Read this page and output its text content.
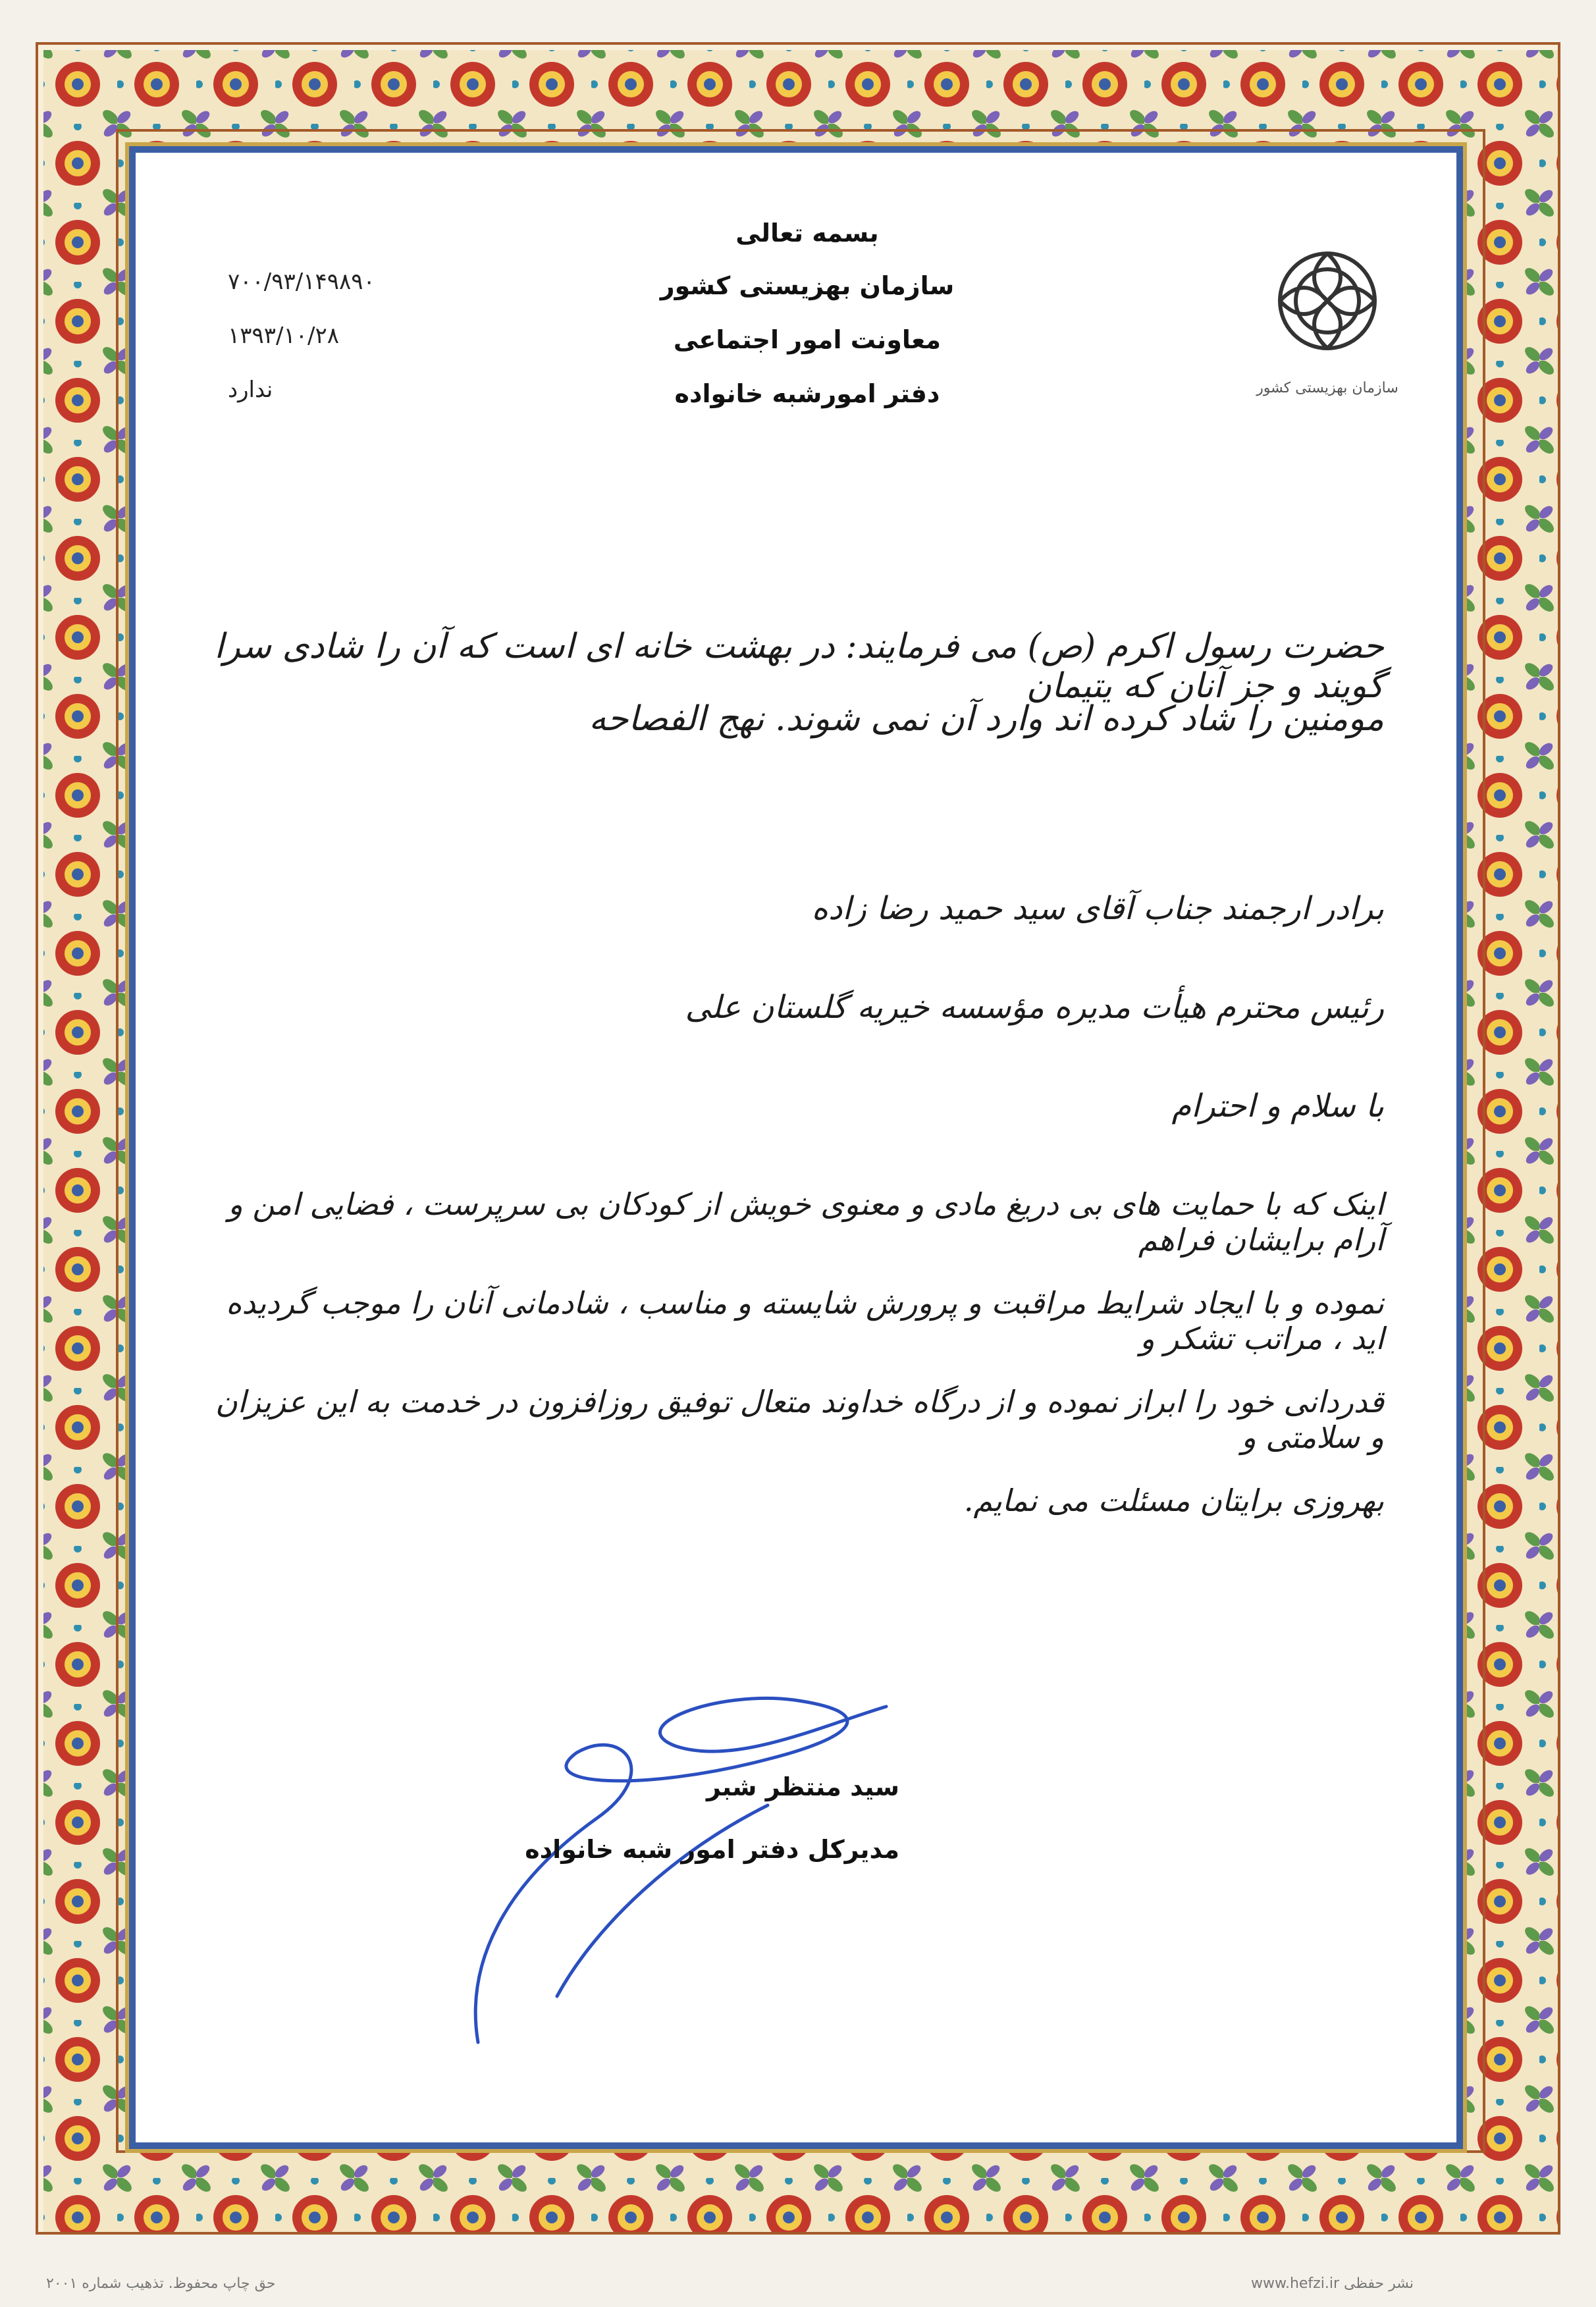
بسمه تعالی
سازمان بهزیستی کشور
معاونت امور اجتماعی
دفتر امورشبه خانواده
۷۰۰/۹۳/۱۴۹۸۹۰
۱۳۹۳/۱۰/۲۸
ندارد	سازمان بهزیستی کشور
حضرت رسول اکرم (ص) می فرمایند: در بهشت خانه ای است که آن را شادی سرا گویند و جز آنان که یتیمان
مومنین را شاد کرده اند وارد آن نمی شوند. نهج الفصاحه
برادر ارجمند جناب آقای سید حمید رضا زاده
رئیس محترم هیأت مدیره مؤسسه خیریه گلستان علی
با سلام و احترام
اینک که با حمایت های بی دریغ مادی و معنوی خویش از کودکان بی سرپرست ، فضایی امن و آرام برایشان فراهم
نموده و با ایجاد شرایط مراقبت و پرورش شایسته و مناسب ، شادمانی آنان را موجب گردیده اید ، مراتب تشکر و
قدردانی خود را ابراز نموده و از درگاه خداوند متعال توفیق روزافزون در خدمت به این عزیزان و سلامتی و
بهروزی برایتان مسئلت می نمایم.
سید منتظر شبر
مدیرکل دفتر امور شبه خانواده
حق چاپ محفوظ. تذهیب شماره ۲۰۰۱	www.hefzi.ir نشر حفظی
